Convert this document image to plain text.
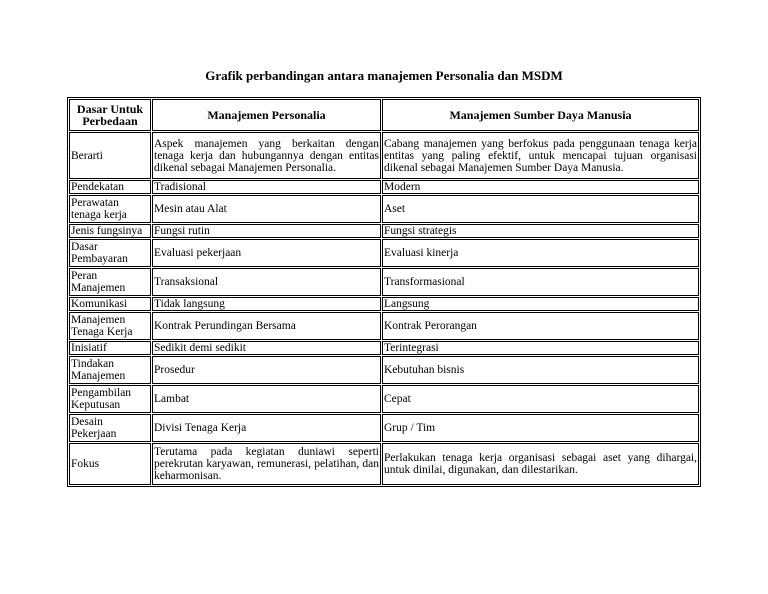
Grafik perbandingan antara manajemen Personalia dan MSDM
Dasar Untuk Perbedaan	Manajemen Personalia	Manajemen Sumber Daya Manusia
Berarti	Aspek manajemen yang berkaitan dengan tenaga kerja dan hubungannya dengan entitas dikenal sebagai Manajemen Personalia.	Cabang manajemen yang berfokus pada penggunaan tenaga kerja entitas yang paling efektif, untuk mencapai tujuan organisasi dikenal sebagai Manajemen Sumber Daya Manusia.
Pendekatan	Tradisional	Modern
Perawatan tenaga kerja	Mesin atau Alat	Aset
Jenis fungsinya	Fungsi rutin	Fungsi strategis
Dasar Pembayaran	Evaluasi pekerjaan	Evaluasi kinerja
Peran Manajemen	Transaksional	Transformasional
Komunikasi	Tidak langsung	Langsung
Manajemen Tenaga Kerja	Kontrak Perundingan Bersama	Kontrak Perorangan
Inisiatif	Sedikit demi sedikit	Terintegrasi
Tindakan Manajemen	Prosedur	Kebutuhan bisnis
Pengambilan Keputusan	Lambat	Cepat
Desain Pekerjaan	Divisi Tenaga Kerja	Grup / Tim
Fokus	Terutama pada kegiatan duniawi seperti perekrutan karyawan, remunerasi, pelatihan, dan keharmonisan.	Perlakukan tenaga kerja organisasi sebagai aset yang dihargai, untuk dinilai, digunakan, dan dilestarikan.
